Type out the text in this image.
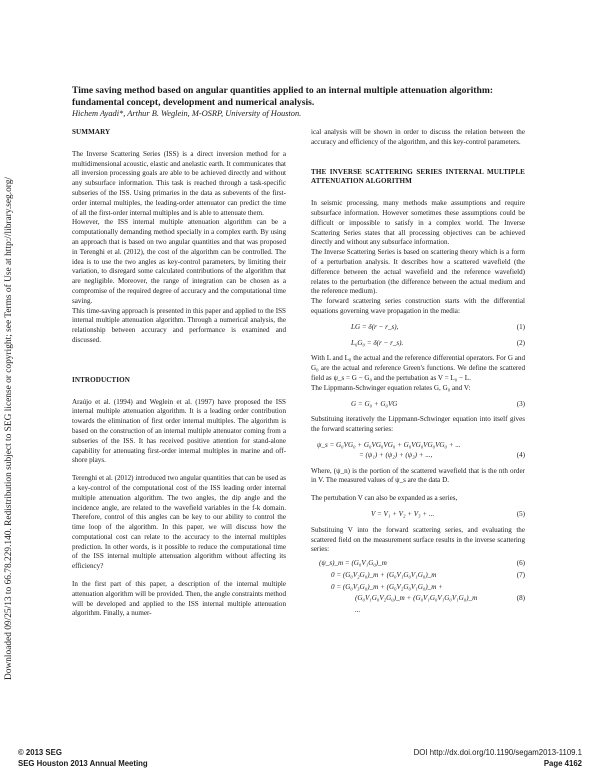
Downloaded 09/25/13 to 66.78.229.140. Redistribution subject to SEG license or copyright; see Terms of Use at http://library.seg.org/
Time saving method based on angular quantities applied to an internal multiple attenuation algorithm: fundamental concept, development and numerical analysis.
Hichem Ayadi*, Arthur B. Weglein, M-OSRP, University of Houston.
SUMMARY

The Inverse Scattering Series (ISS) is a direct inversion method for a multidimensional acoustic, elastic and anelastic earth. It communicates that all inversion processing goals are able to be achieved directly and without any subsurface information. This task is reached through a task-specific subseries of the ISS. Using primaries in the data as subevents of the first-order internal multiples, the leading-order attenuator can predict the time of all the first-order internal multiples and is able to attenuate them.

However, the ISS internal multiple attenuation algorithm can be a computationally demanding method specially in a complex earth. By using an approach that is based on two angular quantities and that was proposed in Terenghi et al. (2012), the cost of the algorithm can be controlled. The idea is to use the two angles as key-control parameters, by limiting their variation, to disregard some calculated contributions of the algorithm that are negligible. Moreover, the range of integration can be chosen as a compromise of the required degree of accuracy and the computational time saving.

This time-saving approach is presented in this paper and applied to the ISS internal multiple attenuation algorithm. Through a numerical analysis, the relationship between accuracy and performance is examined and discussed.

INTRODUCTION

Araújo et al. (1994) and Weglein et al. (1997) have proposed the ISS internal multiple attenuation algorithm. It is a leading order contribution towards the elimination of first order internal multiples. The algorithm is based on the construction of an internal multiple attenuator coming from a subseries of the ISS. It has received positive attention for stand-alone capability for attenuating first-order internal multiples in marine and off-shore plays.

Terenghi et al. (2012) introduced two angular quantities that can be used as a key-control of the computational cost of the ISS leading order internal multiple attenuation algorithm. The two angles, the dip angle and the incidence angle, are related to the wavefield variables in the f-k domain. Therefore, control of this angles can be key to our ability to control the time loop of the algorithm. In this paper, we will discuss how the computational cost can relate to the accuracy to the internal multiples prediction. In other words, is it possible to reduce the computational time of the ISS internal multiple attenuation algorithm without affecting its efficiency?

In the first part of this paper, a description of the internal multiple attenuation algorithm will be provided. Then, the angle constraints method will be developed and applied to the ISS internal multiple attenuation algorithm. Finally, a numer-

ical analysis will be shown in order to discuss the relation between the accuracy and efficiency of the algorithm, and this key-control parameters.

THE INVERSE SCATTERING SERIES INTERNAL MULTIPLE ATTENUATION ALGORITHM

In seismic processing, many methods make assumptions and require subsurface information. However sometimes these assumptions could be difficult or impossible to satisfy in a complex world. The Inverse Scattering Series states that all processing objectives can be achieved directly and without any subsurface information.

The Inverse Scattering Series is based on scattering theory which is a form of a perturbation analysis. It describes how a scattered wavefield (the difference between the actual wavefield and the reference wavefield) relates to the perturbation (the difference between the actual medium and the reference medium).

The forward scattering series construction starts with the differential equations governing wave propagation in the media:

LG = δ(r − r_s),	(1)
L₀G₀ = δ(r − r_s).	(2)

With L and L₀ the actual and the reference differential operators. For G and G₀ are the actual and reference Green's functions. We define the scattered field as ψ_s = G − G₀ and the pertubation as V = L₀ − L.

The Lippmann-Schwinger equation relates G, G₀ and V:

G = G₀ + G₀VG	(3)

Substituing iteratively the Lippmann-Schwinger equation into itself gives the forward scattering series:

ψ_s = G₀VG₀ + G₀VG₀VG₀ + G₀VG₀VG₀VG₀ + ...
= (ψ₁) + (ψ₂) + (ψ₃) + ...,	(4)

Where, (ψ_n) is the portion of the scattered wavefield that is the nth order in V. The measured values of ψ_s are the data D.

The pertubation V can also be expanded as a series,

V = V₁ + V₂ + V₃ + ...	(5)

Substituing V into the forward scattering series, and evaluating the scattered field on the measurement surface results in the inverse scattering series:

(ψ_s)_m = (G₀V₁G₀)_m	(6)
0 = (G₀V₂G₀)_m + (G₀V₁G₀V₁G₀)_m	(7)
0 = (G₀V₃G₀)_m + (G₀V₂G₀V₁G₀)_m +
(G₀V₁G₀V₂G₀)_m + (G₀V₁G₀V₁G₀V₁G₀)_m	(8)
...
© 2013 SEG
SEG Houston 2013 Annual Meeting
DOI http://dx.doi.org/10.1190/segam2013-1109.1
Page 4162
